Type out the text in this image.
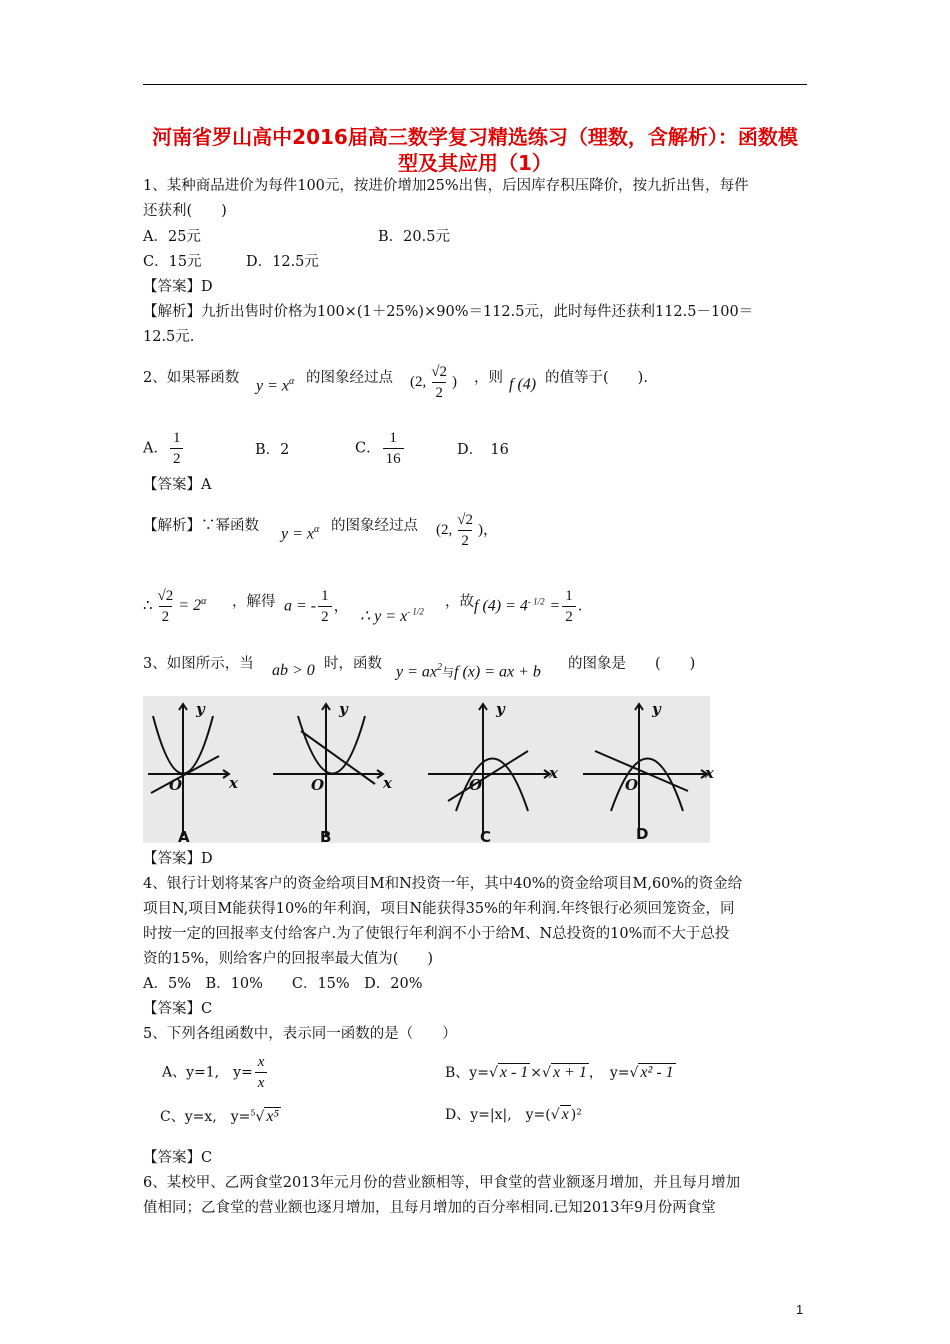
河南省罗山高中2016届高三数学复习精选练习（理数，含解析）：函数模型及其应用（1）
1、某种商品进价为每件100元，按进价增加25%出售，后因库存积压降价，按九折出售，每件
还获利(　　)
A．25元	B．20.5元
C．15元	D．12.5元
【答案】D
【解析】九折出售时价格为100×(1＋25%)×90%＝112.5元，此时每件还获利112.5－100＝
12.5元.
2、如果幂函数 $y = x^\alpha$ 的图象经过点 (2, $\frac{√2}{2}$ ) ，则 f (4) 的值等于(　　).
A． $\frac{1}{2}$	B．2	C． $\frac{1}{16}$	D．　16
【答案】A
【解析】∵幂函数 $y = x^\alpha$ 的图象经过点 (2, $\frac{√2}{2}$ )，
∴ $\frac{√2}{2} = 2^\alpha$ ，解得 a = - $\frac{1}{2}$ ，
∴ $y = x^{- 1/2}$
，故 f $(4) = 4^{- 1/2} = \frac{1}{2}$ .
3、如图所示，当 ab > 0 时，函数 $y = ax^2$与f (x) = ax + b 的图象是　　(　　)
y
x
O
y
x
O
y
x
O
y
x
O
A	B	C	D
【答案】D
4、银行计划将某客户的资金给项目M和N投资一年，其中40%的资金给项目M,60%的资金给
项目N,项目M能获得10%的年利润，项目N能获得35%的年利润.年终银行必须回笼资金，同
时按一定的回报率支付给客户.为了使银行年利润不小于给M、N总投资的10%而不大于总投
资的15%，则给客户的回报率最大值为(　　)
A．5%　B．10%　　C．15%　D．20%
【答案】C
5、下列各组函数中，表示同一函数的是（　　）
A、y=1,　$y= \frac{x}{x}$	B、y=√ x - 1 ×√ x + 1 ，　y=√ x² - 1
C、y=x,　y=$^5$√ x⁵	D、y=|x|,　y=(√ x )²
【答案】C
6、某校甲、乙两食堂2013年元月份的营业额相等，甲食堂的营业额逐月增加，并且每月增加
值相同；乙食堂的营业额也逐月增加，且每月增加的百分率相同.已知2013年9月份两食堂
1
